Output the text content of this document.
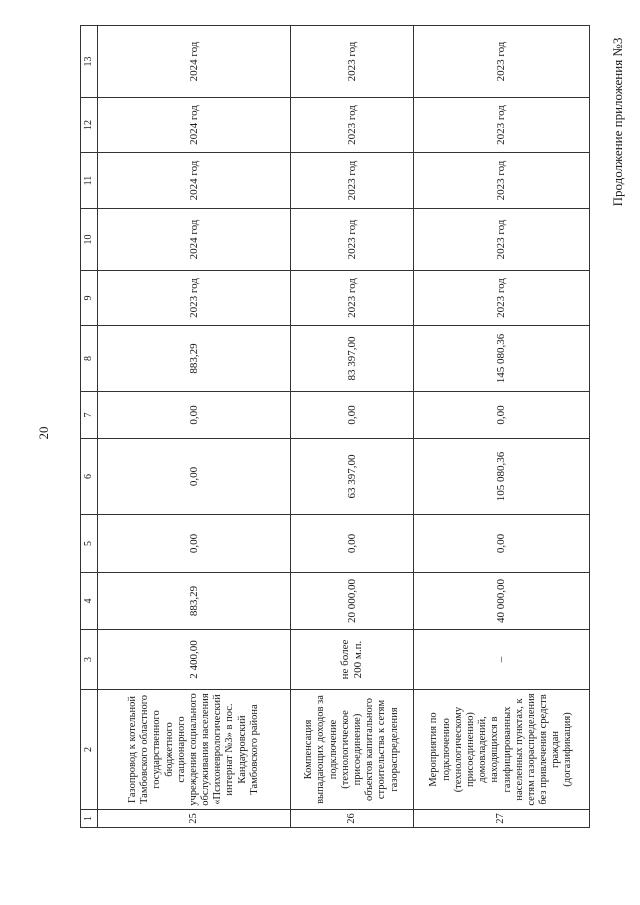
20
Продолжение приложения №3
1	2	3	4	5	6	7	8	9	10	11	12	13
25	Газопровод к котельной Тамбовского областного государственного бюджетного стационарного учреждения социального обслуживания населения «Психоневрологический интернат №3» в пос. Кандауровский Тамбовского района	2 400,00	883,29	0,00	0,00	0,00	883,29	2023 год	2024 год	2024 год	2024 год	2024 год
26	Компенсация выпадающих доходов за подключение (технологическое присоединение) объектов капитального строительства к сетям газораспределения	не более 200 м.п.	20 000,00	0,00	63 397,00	0,00	83 397,00	2023 год	2023 год	2023 год	2023 год	2023 год
27	Мероприятия по подключению (технологическому присоединению) домовладений, находящихся в газифицированных населенных пунктах, к сетям газораспределения без привлечения средств граждан (догазификация)	–	40 000,00	0,00	105 080,36	0,00	145 080,36	2023 год	2023 год	2023 год	2023 год	2023 год
